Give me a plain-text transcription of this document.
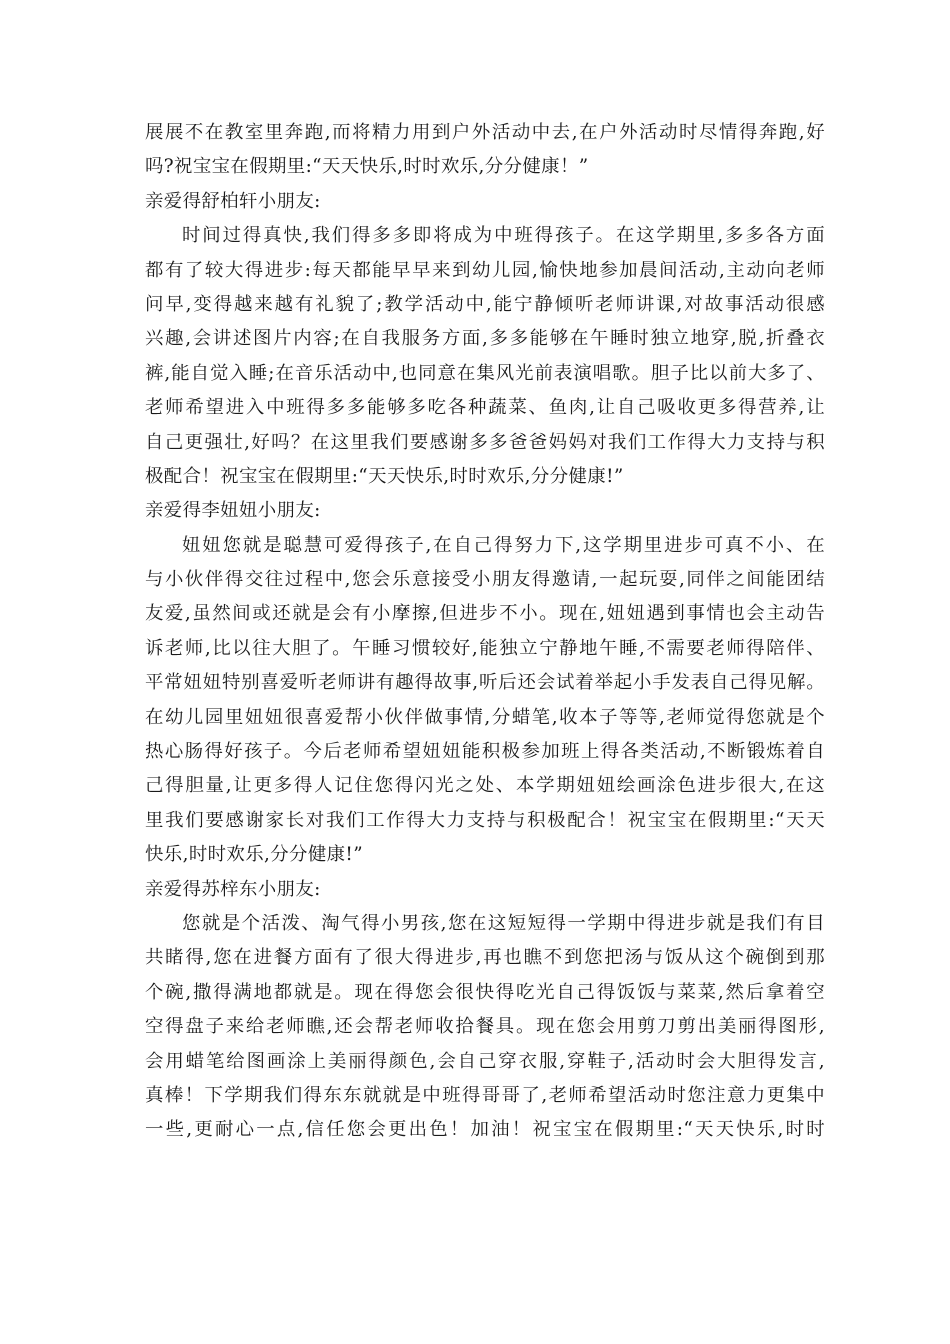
展展不在教室里奔跑,而将精力用到户外活动中去,在户外活动时尽情得奔跑,好
吗?祝宝宝在假期里:“天天快乐,时时欢乐,分分健康！”
亲爱得舒柏轩小朋友:
时间过得真快,我们得多多即将成为中班得孩子。在这学期里,多多各方面
都有了较大得进步:每天都能早早来到幼儿园,愉快地参加晨间活动,主动向老师
问早,变得越来越有礼貌了;教学活动中,能宁静倾听老师讲课,对故事活动很感
兴趣,会讲述图片内容;在自我服务方面,多多能够在午睡时独立地穿,脱,折叠衣
裤,能自觉入睡;在音乐活动中,也同意在集风光前表演唱歌。胆子比以前大多了、
老师希望进入中班得多多能够多吃各种蔬菜、鱼肉,让自己吸收更多得营养,让
自己更强壮,好吗？在这里我们要感谢多多爸爸妈妈对我们工作得大力支持与积
极配合！祝宝宝在假期里:“天天快乐,时时欢乐,分分健康!”
亲爱得李妞妞小朋友:
妞妞您就是聪慧可爱得孩子,在自己得努力下,这学期里进步可真不小、在
与小伙伴得交往过程中,您会乐意接受小朋友得邀请,一起玩耍,同伴之间能团结
友爱,虽然间或还就是会有小摩擦,但进步不小。现在,妞妞遇到事情也会主动告
诉老师,比以往大胆了。午睡习惯较好,能独立宁静地午睡,不需要老师得陪伴、
平常妞妞特别喜爱听老师讲有趣得故事,听后还会试着举起小手发表自己得见解。
在幼儿园里妞妞很喜爱帮小伙伴做事情,分蜡笔,收本子等等,老师觉得您就是个
热心肠得好孩子。今后老师希望妞妞能积极参加班上得各类活动,不断锻炼着自
己得胆量,让更多得人记住您得闪光之处、本学期妞妞绘画涂色进步很大,在这
里我们要感谢家长对我们工作得大力支持与积极配合！祝宝宝在假期里:“天天
快乐,时时欢乐,分分健康!”
亲爱得苏梓东小朋友:
您就是个活泼、淘气得小男孩,您在这短短得一学期中得进步就是我们有目
共睹得,您在进餐方面有了很大得进步,再也瞧不到您把汤与饭从这个碗倒到那
个碗,撒得满地都就是。现在得您会很快得吃光自己得饭饭与菜菜,然后拿着空
空得盘子来给老师瞧,还会帮老师收拾餐具。现在您会用剪刀剪出美丽得图形,
会用蜡笔给图画涂上美丽得颜色,会自己穿衣服,穿鞋子,活动时会大胆得发言,
真棒！下学期我们得东东就就是中班得哥哥了,老师希望活动时您注意力更集中
一些,更耐心一点,信任您会更出色！加油！祝宝宝在假期里:“天天快乐,时时
